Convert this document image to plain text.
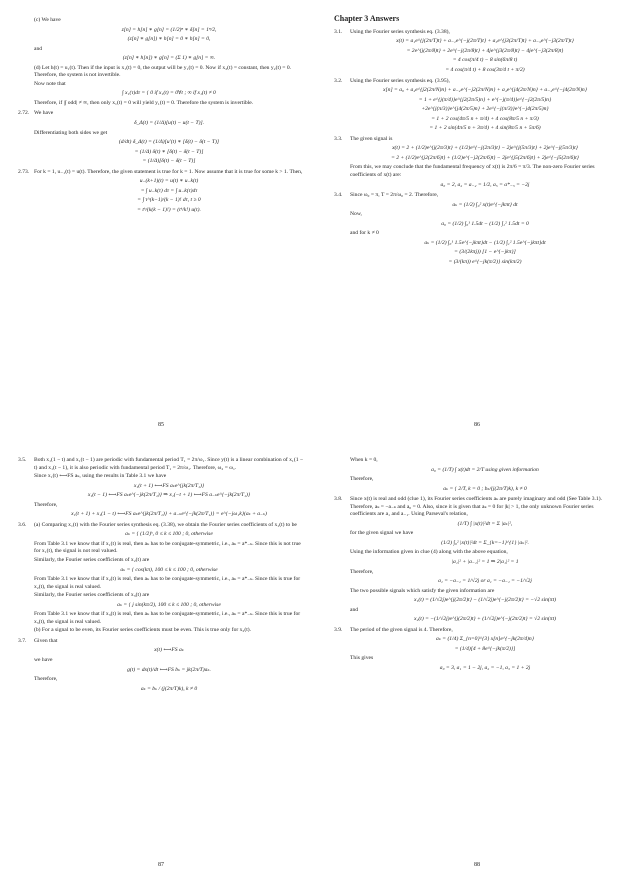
(c) We have
z[n] = h[n] ∗ g[n] = (1/2)ⁿ ∗ δ[n] = 1ⁿ/2,
(z[n] ∗ g[n]) ∗ h[n] = 0 ∗ h[n] = 0,
and
(z[n] ∗ h[n]) ∗ g[n] = (Σ 1) ∗ g[n] = ∞.
(d) Let h(t) = u₁(t). Then if the input is x₁(t) = 0, the output will be y₁(t) = 0. Now if x₂(t) = constant, then y₂(t) = 0. Therefore, the system is not invertible.
Now note that
∫ x₁(τ)dτ = { 0 if x₁(t) = 0∀t ; ∞ if x₁(t) ≠ 0
Therefore, if |∫ odd| ≠ ∞, then only x₁(t) = 0 will yield y₁(t) = 0. Therefore the system is invertible.
2.72. We have
δ_Δ(t) = (1/Δ)[u(t) − u(t − T)].
Differentiating both sides we get
(d/dt) δ_Δ(t) = (1/Δ)[u′(t) ∗ [δ(t) − δ(t − T)]
= (1/Δ) δ(t) ∗ [δ(t) − δ(t − T)]
= (1/Δ)[δ(t) − δ(t − T)]
2.73. For k = 1, u₋₁(t) = u(t). Therefore, the given statement is true for k = 1. Now assume that it is true for some k > 1. Then,
u₋(k+1)(t) = u(t) ∗ u₋k(t)
= ∫ u₋k(τ) dτ = ∫ u₋k(τ)dτ
= ∫ τ^(k−1)/(k − 1)! dτ, t ≥ 0
= tᵏ/(k(k − 1)!) = (tᵏ/k!) u(t).
85
Chapter 3 Answers
3.1.	Using the Fourier series synthesis eq. (3.38),
x(t) = a₁e^{j(2π/T)t} + a₋₁e^{−j(2π/T)t} + a₃e^{j3(2π/T)t} + a₋₃e^{−j3(2π/T)t}
= 2e^{j(2π/8)t} + 2e^{−j(2π/8)t} + 4je^{j3(2π/8)t} − 4je^{−j3(2π/8)t}
= 4 cos(π/4 t) − 8 sin(6π/8 t)
= 4 cos(π/4 t) + 8 cos(3π/4 t + π/2)
3.2.	Using the Fourier series synthesis eq. (3.95),
x[n] = a₀ + a₂e^{j2(2π/N)n} + a₋₂e^{−j2(2π/N)n} + a₄e^{j4(2π/N)n} + a₋₄e^{−j4(2π/N)n}
= 1 + e^{j(π/4)}e^{j2(2π/5)n} + e^{−j(π/4)}e^{−j2(2π/5)n}
+2e^{j(π/3)}e^{j4(2π/5)n} + 2e^{−j(π/3)}e^{−j4(2π/5)n}
= 1 + 2 cos(4π/5 n + π/4) + 4 cos(8π/5 n + π/3)
= 1 + 2 sin(4π/5 n + 3π/4) + 4 sin(8π/5 n + 5π/6)
3.3.	The given signal is
x(t) = 2 + (1/2)e^{j(2π/3)t} + (1/2)e^{−j(2π/3)t} − 2je^{j(5π/3)t} + 2je^{−j(5π/3)t}
= 2 + (1/2)e^{j2(2π/6)t} + (1/2)e^{−j2(2π/6)t} − 2je^{j5(2π/6)t} + 2je^{−j5(2π/6)t}
From this, we may conclude that the fundamental frequency of x(t) is 2π/6 = π/3. The non-zero Fourier series coefficients of x(t) are:
a₀ = 2, a₂ = a₋₂ = 1/2, a₅ = a*₋₅ = −2j
3.4.	Since ω₀ = π, T = 2π/ω₀ = 2. Therefore,
aₖ = (1/2) ∫₀² x(t)e^{−jkπt} dt
Now,
a₀ = (1/2) ∫₀¹ 1.5dt − (1/2) ∫₁² 1.5dt = 0
and for k ≠ 0
aₖ = (1/2) ∫₀¹ 1.5e^{−jkπt}dt − (1/2) ∫₁² 1.5e^{−jkπt}dt
= (3/(2kπj)) [1 − e^{−jkπ}]
= (3/(kπ)) e^{−jk(π/2)} sin(kπ/2)
86
3.5.	Both x₁(1 − t) and x₁(t − 1) are periodic with fundamental period T₁ = 2π/ω₁. Since y(t) is a linear combination of x₁(1 − t) and x₁(t − 1), it is also periodic with fundamental period T₁ = 2π/ω₁. Therefore, ω₂ = ω₁.
Since x₁(t) ⟷FS aₖ, using the results in Table 3.1 we have
x₁(t + 1) ⟷FS aₖe^{jk(2π/T₁)}
x₁(t − 1) ⟷FS aₖe^{−jk(2π/T₁)} ⇒ x₁(−t + 1) ⟷FS a₋ₖe^{−jk(2π/T₁)}
Therefore,
x₁(t + 1) + x₁(1 − t) ⟷FS aₖe^{jk(2π/T₁)} + a₋ₖe^{−jk(2π/T₁)} = e^{−jω₁k}(aₖ + a₋ₖ)
3.6.	(a) Comparing x₁(t) with the Fourier series synthesis eq. (3.38), we obtain the Fourier series coefficients of x₁(t) to be
aₖ = { (1/2)ᵏ, 0 ≤ k ≤ 100 ; 0, otherwise
From Table 3.1 we know that if x₁(t) is real, then aₖ has to be conjugate-symmetric, i.e., aₖ = a*₋ₖ. Since this is not true for x₁(t), the signal is not real valued.
Similarly, the Fourier series coefficients of x₂(t) are
aₖ = { cos(kπ), 100 ≤ k ≤ 100 ; 0, otherwise
From Table 3.1 we know that if x₂(t) is real, then aₖ has to be conjugate-symmetric, i.e., aₖ = a*₋ₖ. Since this is true for x₂(t), the signal is real valued.
Similarly, the Fourier series coefficients of x₃(t) are
aₖ = { j sin(kπ/2), 100 ≤ k ≤ 100 ; 0, otherwise
From Table 3.1 we know that if x₃(t) is real, then aₖ has to be conjugate-symmetric, i.e., aₖ = a*₋ₖ. Since this is true for x₃(t), the signal is real valued.
(b) For a signal to be even, its Fourier series coefficients must be even. This is true only for x₂(t).
3.7.	Given that
x(t) ⟷FS aₖ
we have
g(t) = dx(t)/dt ⟷FS bₖ = jk(2π/T)aₖ.
Therefore,
aₖ = bₖ / (j(2π/T)k), k ≠ 0
87
When k = 0,
a₀ = (1/T) ∫ x(t)dt = 2/T using given information
Therefore,
aₖ = { 2/T, k = 0 ; bₖ/(j(2π/T)k), k ≠ 0
3.8.	Since x(t) is real and odd (clue 1), its Fourier series coefficients aₖ are purely imaginary and odd (See Table 3.1). Therefore, aₖ = −a₋ₖ and a₀ = 0. Also, since it is given that aₖ = 0 for |k| > 1, the only unknown Fourier series coefficients are a₁ and a₋₁. Using Parseval's relation,
(1/T) ∫ |x(t)|²dt = Σ |aₖ|²,
for the given signal we have
(1/2) ∫₀² |x(t)|²dt = Σ_{k=−1}^{1} |aₖ|².
Using the information given in clue (4) along with the above equation,
|a₁|² + |a₋₁|² = 1 ⇒ 2|a₁|² = 1
Therefore,
a₁ = −a₋₁ = 1/√2j or a₁ = −a₋₁ = −1/√2j
The two possible signals which satisfy the given information are
x₁(t) = (1/√2j)e^{j(2π/2)t} − (1/√2j)e^{−j(2π/2)t} = −√2 sin(πt)
and
x₂(t) = −(1/√2j)e^{j(2π/2)t} + (1/√2j)e^{−j(2π/2)t} = √2 sin(πt)
3.9.	The period of the given signal is 4. Therefore,
aₖ = (1/4) Σ_{n=0}^{3} x[n]e^{−jk(2π/4)n}
= (1/4)[4 + 8e^{−jk(π/2)}]
This gives
a₀ = 3, a₁ = 1 − 2j, a₂ = −1, a₃ = 1 + 2j
88
